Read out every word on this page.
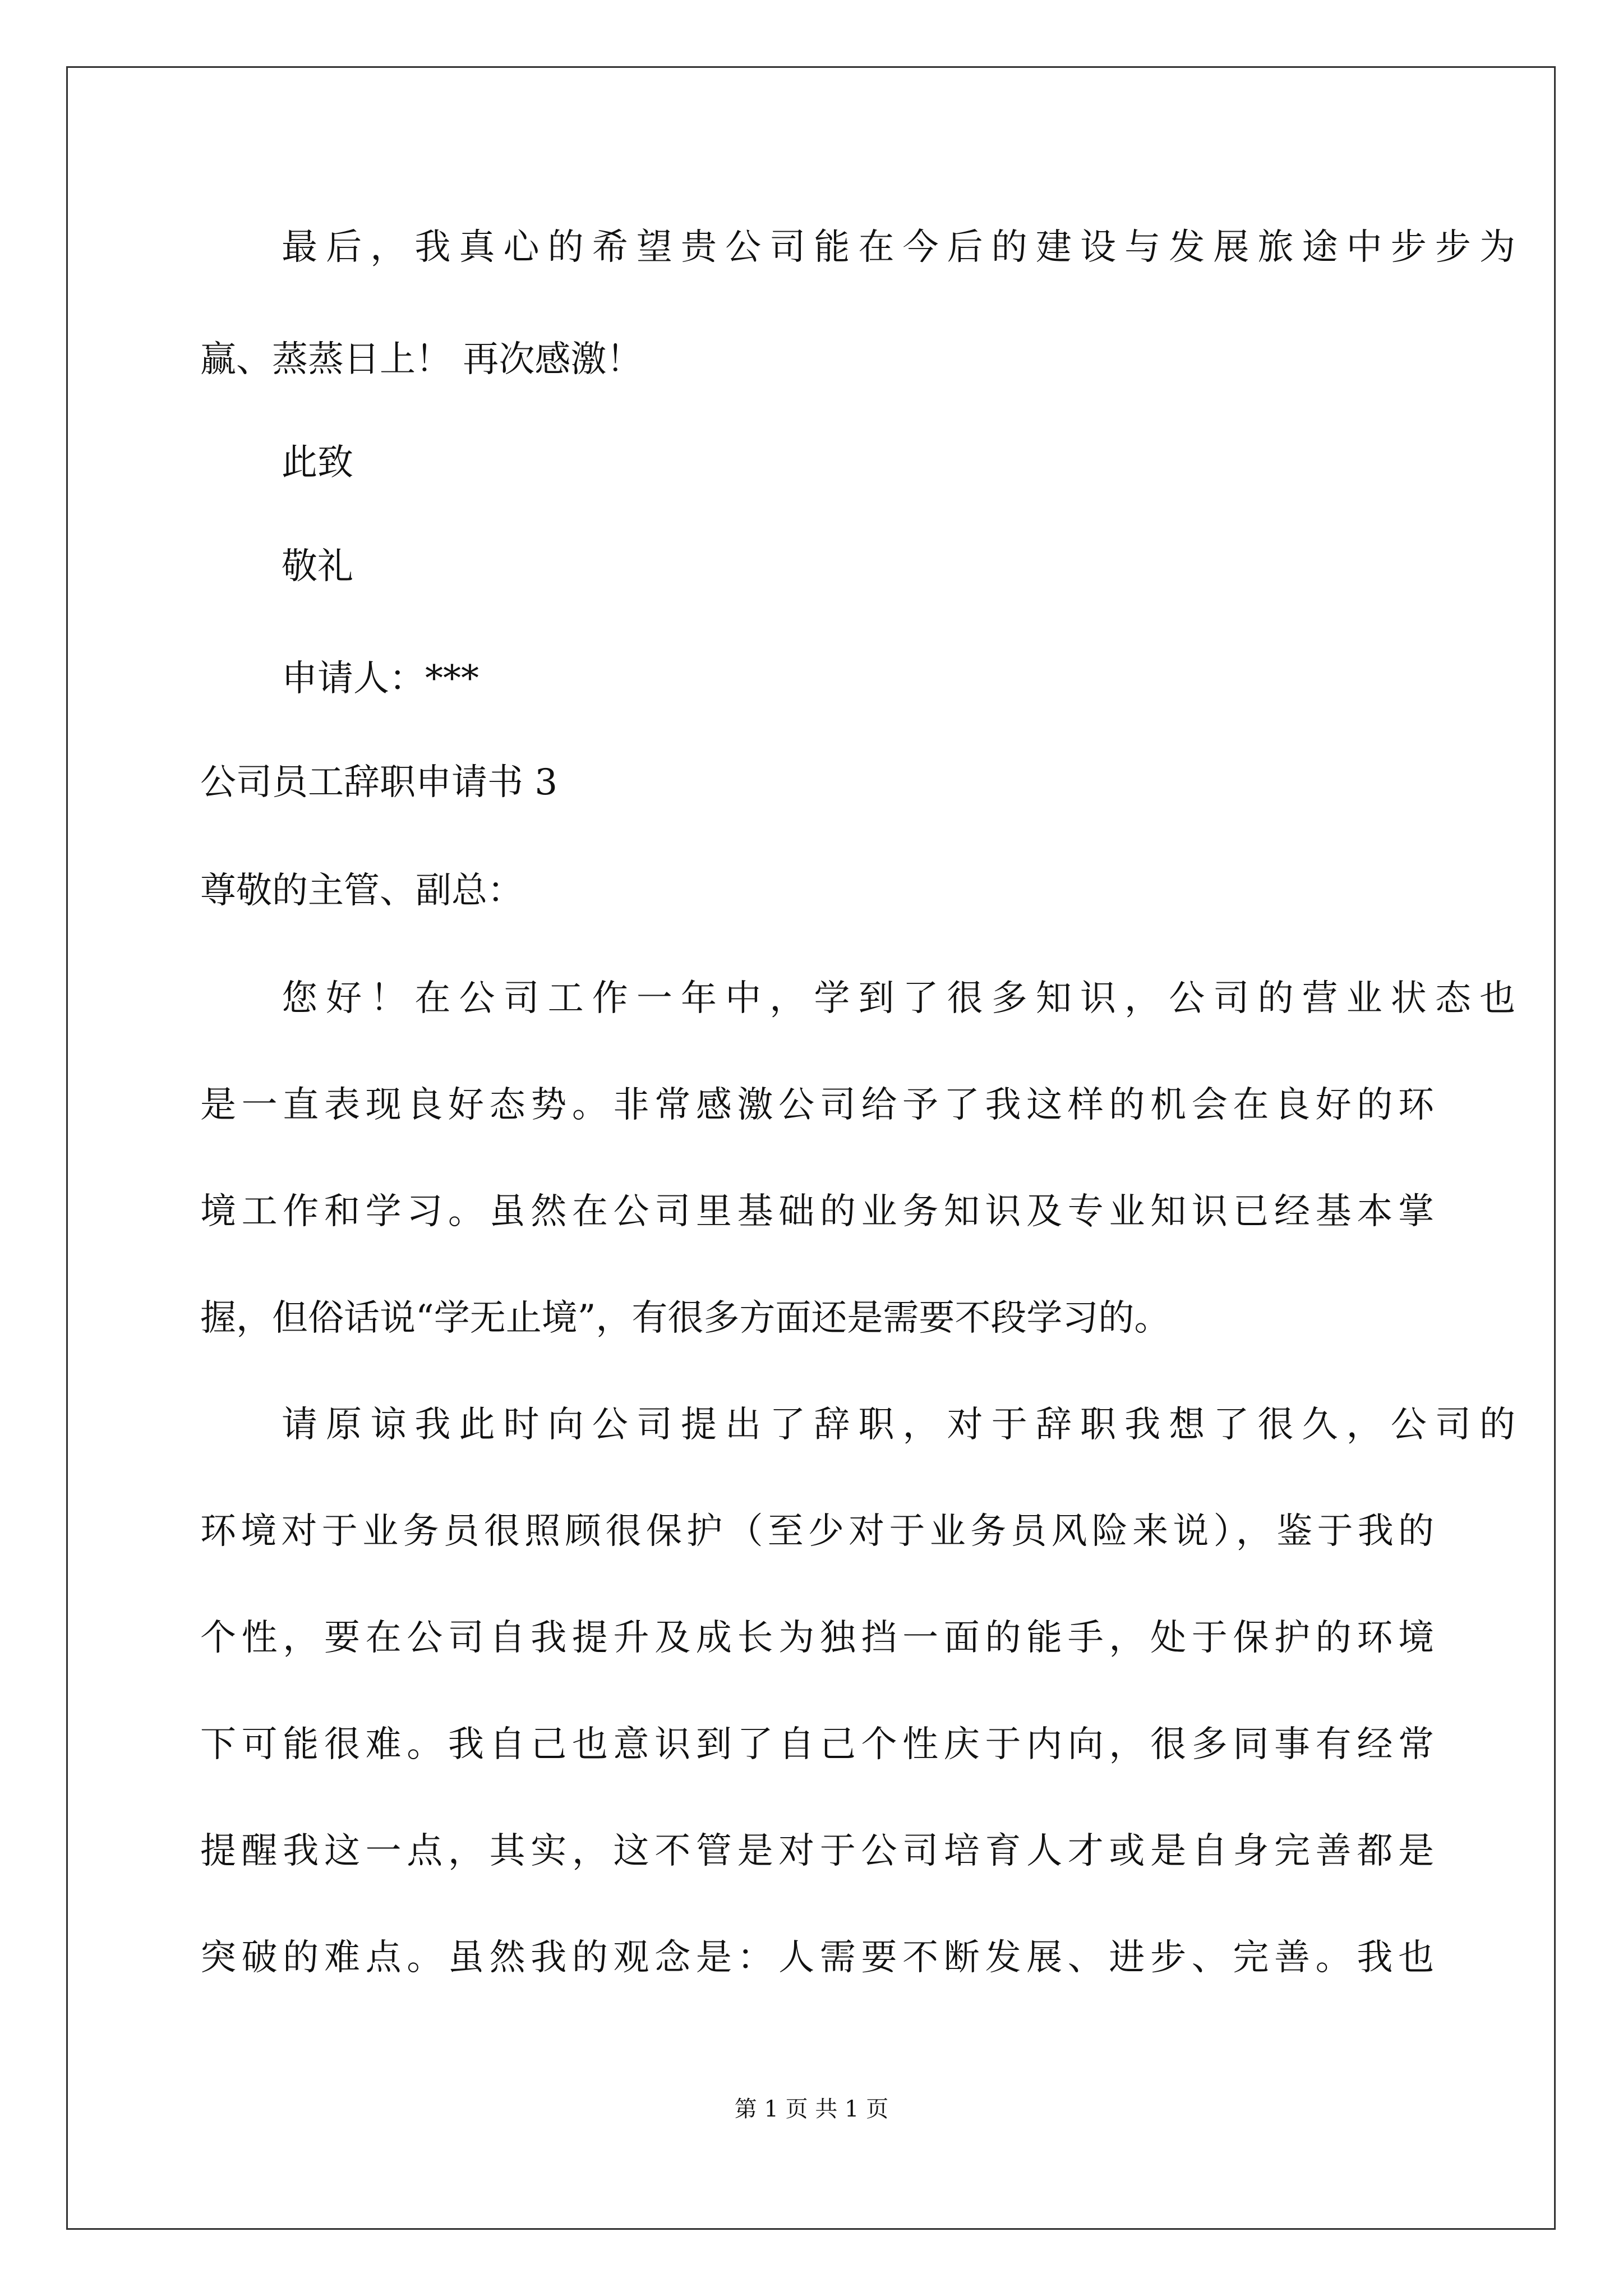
最后，我真心的希望贵公司能在今后的建设与发展旅途中步步为
赢、蒸蒸日上！ 再次感激！
此致
敬礼
申请人：***
公司员工辞职申请书 3
尊敬的主管、副总：
您好！在公司工作一年中，学到了很多知识，公司的营业状态也
是一直表现良好态势。非常感激公司给予了我这样的机会在良好的环
境工作和学习。虽然在公司里基础的业务知识及专业知识已经基本掌
握，但俗话说“学无止境”，有很多方面还是需要不段学习的。
请原谅我此时向公司提出了辞职，对于辞职我想了很久，公司的
环境对于业务员很照顾很保护（至少对于业务员风险来说），鉴于我的
个性，要在公司自我提升及成长为独挡一面的能手，处于保护的环境
下可能很难。我自己也意识到了自己个性庆于内向，很多同事有经常
提醒我这一点，其实，这不管是对于公司培育人才或是自身完善都是
突破的难点。虽然我的观念是：人需要不断发展、进步、完善。我也
第 1 页 共 1 页
